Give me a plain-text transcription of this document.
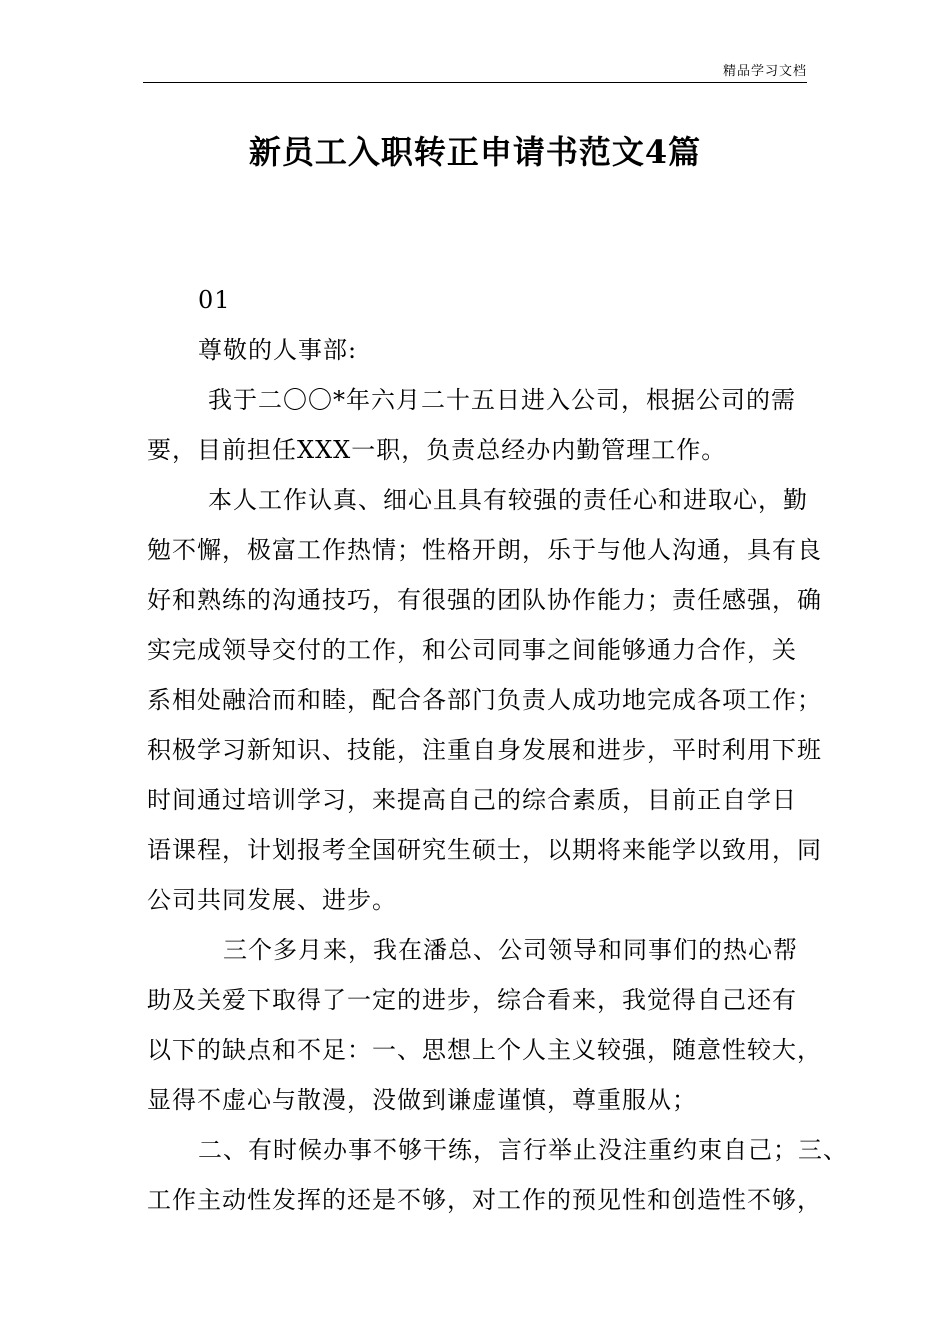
精品学习文档
新员工入职转正申请书范文4篇
01
尊敬的人事部:
我于二〇〇*年六月二十五日进入公司，根据公司的需
要，目前担任XXX一职，负责总经办内勤管理工作。
本人工作认真、细心且具有较强的责任心和进取心，勤
勉不懈，极富工作热情；性格开朗，乐于与他人沟通，具有良
好和熟练的沟通技巧，有很强的团队协作能力；责任感强，确
实完成领导交付的工作，和公司同事之间能够通力合作，关
系相处融洽而和睦，配合各部门负责人成功地完成各项工作；
积极学习新知识、技能，注重自身发展和进步，平时利用下班
时间通过培训学习，来提高自己的综合素质，目前正自学日
语课程，计划报考全国研究生硕士，以期将来能学以致用，同
公司共同发展、进步。
三个多月来，我在潘总、公司领导和同事们的热心帮
助及关爱下取得了一定的进步，综合看来，我觉得自己还有
以下的缺点和不足：一、思想上个人主义较强，随意性较大，
显得不虚心与散漫，没做到谦虚谨慎，尊重服从；
二、有时候办事不够干练，言行举止没注重约束自己；三、
工作主动性发挥的还是不够，对工作的预见性和创造性不够，
